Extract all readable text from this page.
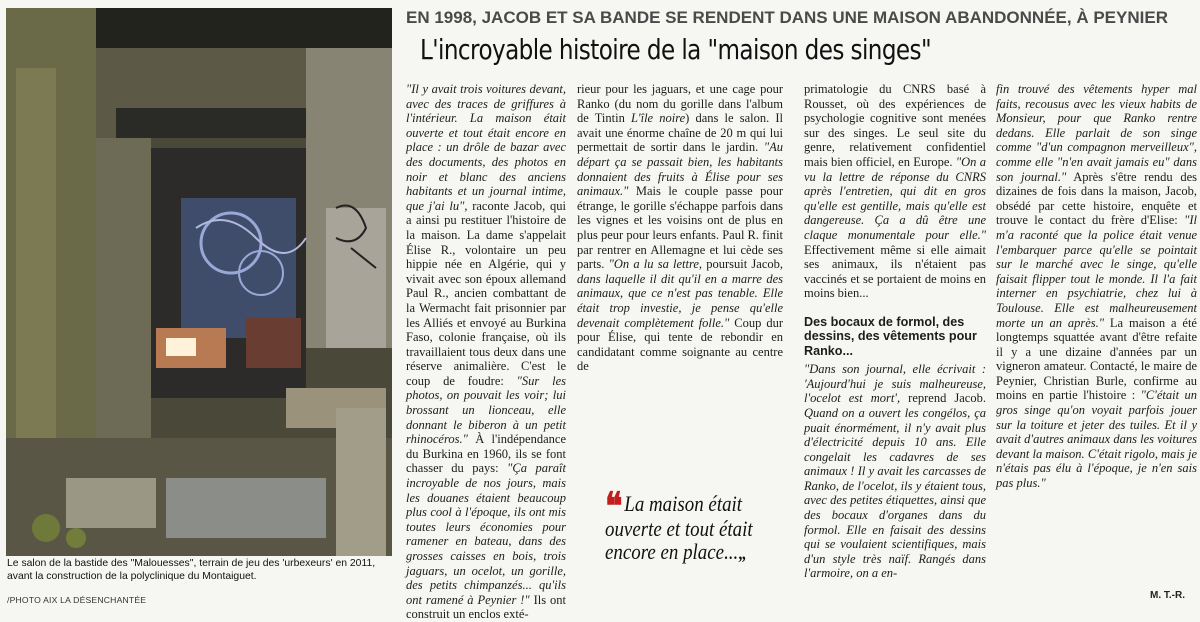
Le salon de la bastide des "Malouesses", terrain de jeu des 'urbexeurs' en 2011, avant la construction de la polyclinique du Montaiguet.
/PHOTO AIX LA DÉSENCHANTÉE
EN 1998, JACOB ET SA BANDE SE RENDENT DANS UNE MAISON ABANDONNÉE, À PEYNIER
L'incroyable histoire de la "maison des singes"

"Il y avait trois voitures devant, avec des traces de griffures à l'intérieur. La maison était ouverte et tout était encore en place : un drôle de bazar avec des documents, des photos en noir et blanc des anciens habitants et un journal intime, que j'ai lu", raconte Jacob, qui a ainsi pu restituer l'histoire de la maison. La dame s'appelait Élise R., volontaire un peu hippie née en Algérie, qui y vivait avec son époux allemand Paul R., ancien combattant de la Wermacht fait prisonnier par les Alliés et envoyé au Burkina Faso, colonie française, où ils travaillaient tous deux dans une réserve animalière. C'est le coup de foudre: "Sur les photos, on pouvait les voir; lui brossant un lionceau, elle donnant le biberon à un petit rhinocéros." À l'indépendance du Burkina en 1960, ils se font chasser du pays: "Ça paraît incroyable de nos jours, mais les douanes étaient beaucoup plus cool à l'époque, ils ont mis toutes leurs économies pour ramener en bateau, dans des grosses caisses en bois, trois jaguars, un ocelot, un gorille, des petits chimpanzés... qu'ils ont ramené à Peynier !" Ils ont construit un enclos exté-

rieur pour les jaguars, et une cage pour Ranko (du nom du gorille dans l'album de Tintin L'île noire) dans le salon. Il avait une énorme chaîne de 20 m qui lui permettait de sortir dans le jardin. "Au départ ça se passait bien, les habitants donnaient des fruits à Élise pour ses animaux." Mais le couple passe pour étrange, le gorille s'échappe parfois dans les vignes et les voisins ont de plus en plus peur pour leurs enfants. Paul R. finit par rentrer en Allemagne et lui cède ses parts. "On a lu sa lettre, poursuit Jacob, dans laquelle il dit qu'il en a marre des animaux, que ce n'est pas tenable. Elle était trop investie, je pense qu'elle devenait complètement folle." Coup dur pour Élise, qui tente de rebondir en candidatant comme soignante au centre de

❝La maison était ouverte et tout était encore en place...„

primatologie du CNRS basé à Rousset, où des expériences de psychologie cognitive sont menées sur des singes. Le seul site du genre, relativement confidentiel mais bien officiel, en Europe. "On a vu la lettre de réponse du CNRS après l'entretien, qui dit en gros qu'elle est gentille, mais qu'elle est dangereuse. Ça a dû être une claque monumentale pour elle." Effectivement même si elle aimait ses animaux, ils n'étaient pas vaccinés et se portaient de moins en moins bien...

Des bocaux de formol, des dessins, des vêtements pour Ranko...

"Dans son journal, elle écrivait : 'Aujourd'hui je suis malheureuse, l'ocelot est mort', reprend Jacob. Quand on a ouvert les congélos, ça puait énormément, il n'y avait plus d'électricité depuis 10 ans. Elle congelait les cadavres de ses animaux ! Il y avait les carcasses de Ranko, de l'ocelot, ils y étaient tous, avec des petites étiquettes, ainsi que des bocaux d'organes dans du formol. Elle en faisait des dessins qui se voulaient scientifiques, mais d'un style très naïf. Rangés dans l'armoire, on a en-

fin trouvé des vêtements hyper mal faits, recousus avec les vieux habits de Monsieur, pour que Ranko rentre dedans. Elle parlait de son singe comme "d'un compagnon merveilleux", comme elle "n'en avait jamais eu" dans son journal." Après s'être rendu des dizaines de fois dans la maison, Jacob, obsédé par cette histoire, enquête et trouve le contact du frère d'Elise: "Il m'a raconté que la police était venue l'embarquer parce qu'elle se pointait sur le marché avec le singe, qu'elle faisait flipper tout le monde. Il l'a fait interner en psychiatrie, chez lui à Toulouse. Elle est malheureusement morte un an après." La maison a été longtemps squattée avant d'être refaite il y a une dizaine d'années par un vigneron amateur. Contacté, le maire de Peynier, Christian Burle, confirme au moins en partie l'histoire : "C'était un gros singe qu'on voyait parfois jouer sur la toiture et jeter des tuiles. Et il y avait d'autres animaux dans les voitures devant la maison. C'était rigolo, mais je n'étais pas élu à l'époque, je n'en sais pas plus."

M. T.-R.
